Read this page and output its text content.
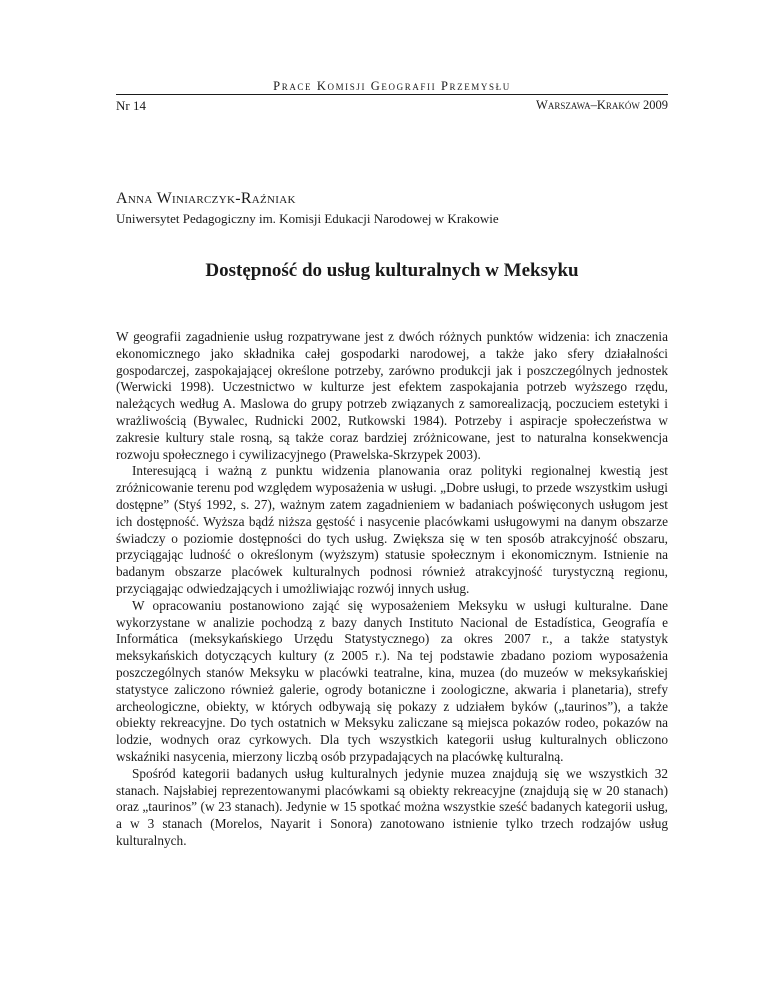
Prace Komisji Geografii Przemysłu
Nr 14	Warszawa–Kraków 2009
Anna Winiarczyk-Raźniak
Uniwersytet Pedagogiczny im. Komisji Edukacji Narodowej w Krakowie
Dostępność do usług kulturalnych w Meksyku

W geografii zagadnienie usług rozpatrywane jest z dwóch różnych punktów widzenia: ich znaczenia ekonomicznego jako składnika całej gospodarki narodowej, a także jako sfery działalności gospodarczej, zaspokajającej określone potrzeby, zarówno produkcji jak i poszczególnych jednostek (Werwicki 1998). Uczestnictwo w kulturze jest efektem zaspokajania potrzeb wyższego rzędu, należących według A. Maslowa do grupy potrzeb związanych z samorealizacją, poczuciem estetyki i wrażliwością (Bywalec, Rudnicki 2002, Rutkowski 1984). Potrzeby i aspiracje społeczeństwa w zakresie kultury stale rosną, są także coraz bardziej zróżnicowane, jest to naturalna konsekwencja rozwoju społecznego i cywilizacyjnego (Prawelska-Skrzypek 2003).

Interesującą i ważną z punktu widzenia planowania oraz polityki regionalnej kwestią jest zróżnicowanie terenu pod względem wyposażenia w usługi. „Dobre usługi, to przede wszystkim usługi dostępne” (Styś 1992, s. 27), ważnym zatem zagadnieniem w badaniach poświęconych usługom jest ich dostępność. Wyższa bądź niższa gęstość i nasycenie placówkami usługowymi na danym obszarze świadczy o poziomie dostępności do tych usług. Zwiększa się w ten sposób atrakcyjność obszaru, przyciągając ludność o określonym (wyższym) statusie społecznym i ekonomicznym. Istnienie na badanym obszarze placówek kulturalnych podnosi również atrakcyjność turystyczną regionu, przyciągając odwiedzających i umożliwiając rozwój innych usług.

W opracowaniu postanowiono zająć się wyposażeniem Meksyku w usługi kulturalne. Dane wykorzystane w analizie pochodzą z bazy danych Instituto Nacional de Estadística, Geografía e Informática (meksykańskiego Urzędu Statystycznego) za okres 2007 r., a także statystyk meksykańskich dotyczących kultury (z 2005 r.). Na tej podstawie zbadano poziom wyposażenia poszczególnych stanów Meksyku w placówki teatralne, kina, muzea (do muzeów w meksykańskiej statystyce zaliczono również galerie, ogrody botaniczne i zoologiczne, akwaria i planetaria), strefy archeologiczne, obiekty, w których odbywają się pokazy z udziałem byków („taurinos”), a także obiekty rekreacyjne. Do tych ostatnich w Meksyku zaliczane są miejsca pokazów rodeo, pokazów na lodzie, wodnych oraz cyrkowych. Dla tych wszystkich kategorii usług kulturalnych obliczono wskaźniki nasycenia, mierzony liczbą osób przypadających na placówkę kulturalną.

Spośród kategorii badanych usług kulturalnych jedynie muzea znajdują się we wszystkich 32 stanach. Najsłabiej reprezentowanymi placówkami są obiekty rekreacyjne (znajdują się w 20 stanach) oraz „taurinos” (w 23 stanach). Jedynie w 15 spotkać można wszystkie sześć badanych kategorii usług, a w 3 stanach (Morelos, Nayarit i Sonora) zanotowano istnienie tylko trzech rodzajów usług kulturalnych.
